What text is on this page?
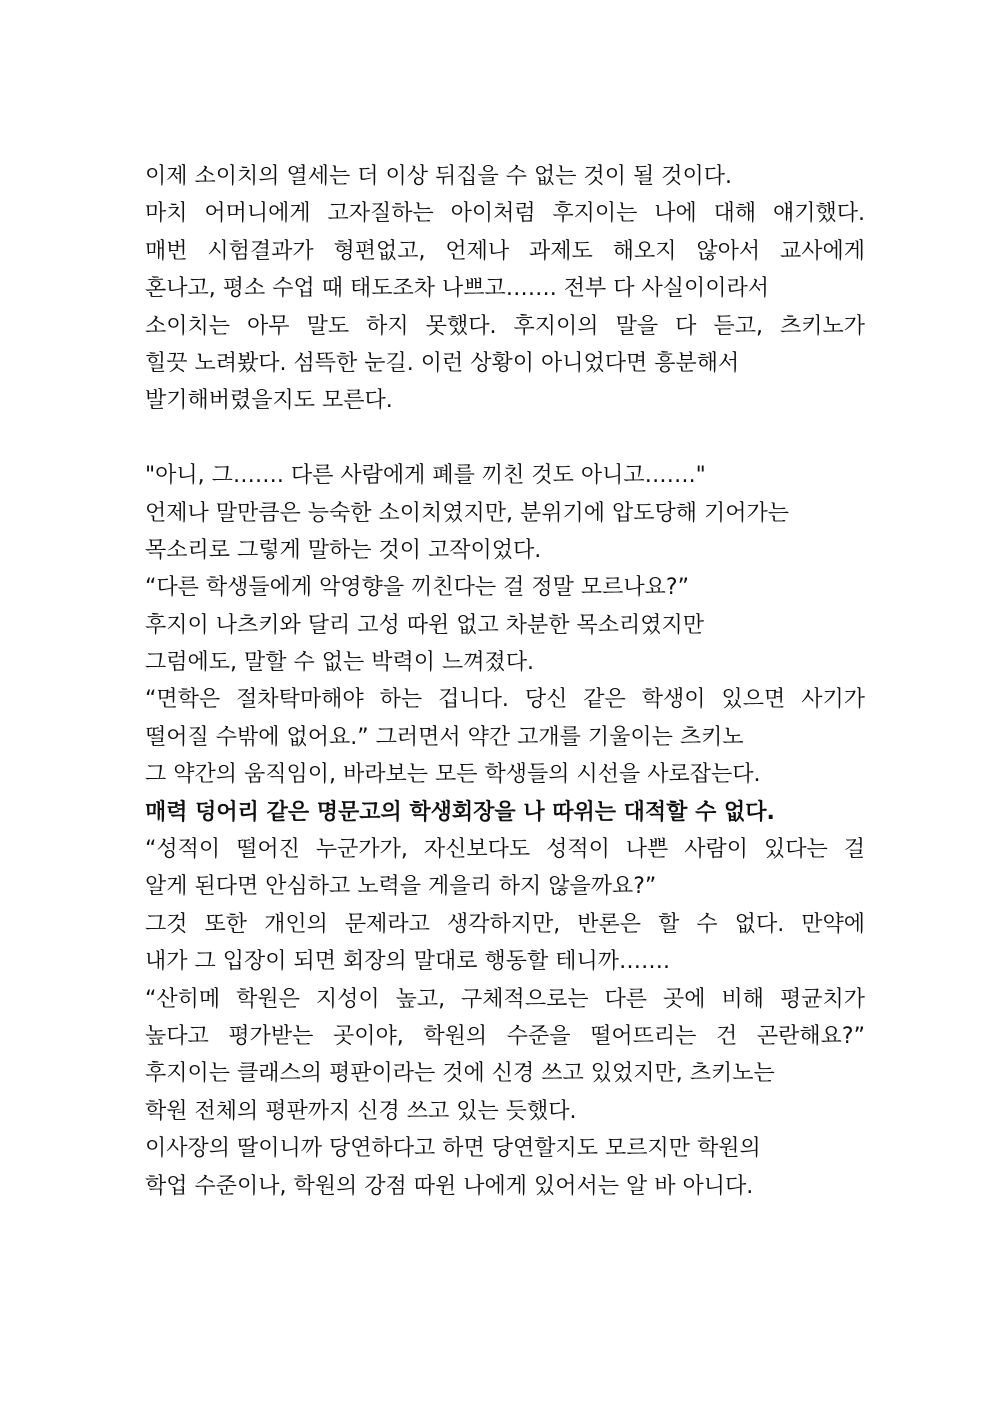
이제 소이치의 열세는 더 이상 뒤집을 수 없는 것이 될 것이다.

마치 어머니에게 고자질하는 아이처럼 후지이는 나에 대해 얘기했다.

매번 시험결과가 형편없고, 언제나 과제도 해오지 않아서 교사에게

혼나고, 평소 수업 때 태도조차 나쁘고……. 전부 다 사실이이라서

소이치는 아무 말도 하지 못했다. 후지이의 말을 다 듣고, 츠키노가

힐끗 노려봤다. 섬뜩한 눈길. 이런 상황이 아니었다면 흥분해서

발기해버렸을지도 모른다.

"아니, 그……. 다른 사람에게 폐를 끼친 것도 아니고……."

언제나 말만큼은 능숙한 소이치였지만, 분위기에 압도당해 기어가는

목소리로 그렇게 말하는 것이 고작이었다.

“다른 학생들에게 악영향을 끼친다는 걸 정말 모르나요?”

후지이 나츠키와 달리 고성 따윈 없고 차분한 목소리였지만

그럼에도, 말할 수 없는 박력이 느껴졌다.

“면학은 절차탁마해야 하는 겁니다. 당신 같은 학생이 있으면 사기가

떨어질 수밖에 없어요.” 그러면서 약간 고개를 기울이는 츠키노

그 약간의 움직임이, 바라보는 모든 학생들의 시선을 사로잡는다.

매력 덩어리 같은 명문고의 학생회장을 나 따위는 대적할 수 없다.

“성적이 떨어진 누군가가, 자신보다도 성적이 나쁜 사람이 있다는 걸

알게 된다면 안심하고 노력을 게을리 하지 않을까요?”

그것 또한 개인의 문제라고 생각하지만, 반론은 할 수 없다. 만약에

내가 그 입장이 되면 회장의 말대로 행동할 테니까…….

“산히메 학원은 지성이 높고, 구체적으로는 다른 곳에 비해 평균치가

높다고 평가받는 곳이야, 학원의 수준을 떨어뜨리는 건 곤란해요?”

후지이는 클래스의 평판이라는 것에 신경 쓰고 있었지만, 츠키노는

학원 전체의 평판까지 신경 쓰고 있는 듯했다.

이사장의 딸이니까 당연하다고 하면 당연할지도 모르지만 학원의

학업 수준이나, 학원의 강점 따윈 나에게 있어서는 알 바 아니다.
